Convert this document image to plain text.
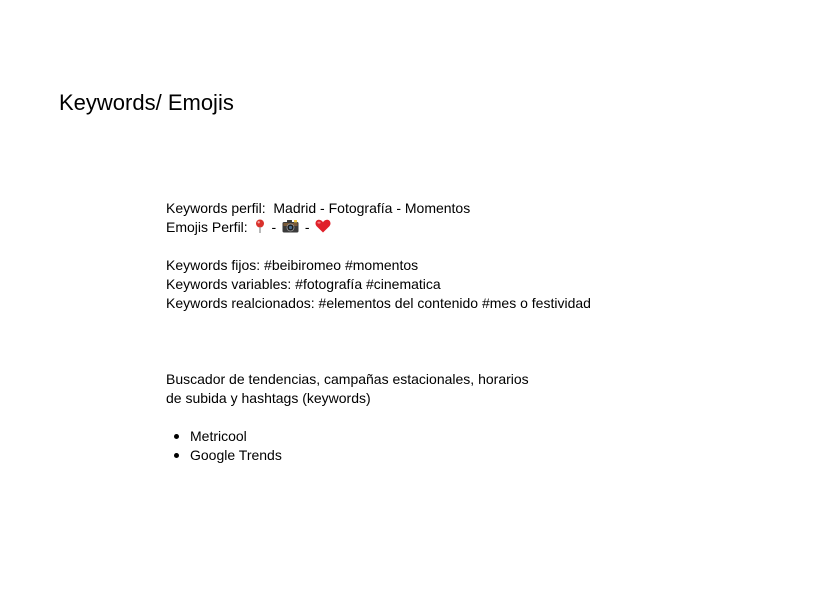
Keywords/ Emojis
Keywords perfil: Madrid - Fotografía - Momentos
Emojis Perfil: - -
Keywords fijos: #beibiromeo #momentos
Keywords variables: #fotografía #cinematica
Keywords realcionados: #elementos del contenido #mes o festividad
Buscador de tendencias, campañas estacionales, horarios
de subida y hashtags (keywords)
Metricool
Google Trends
